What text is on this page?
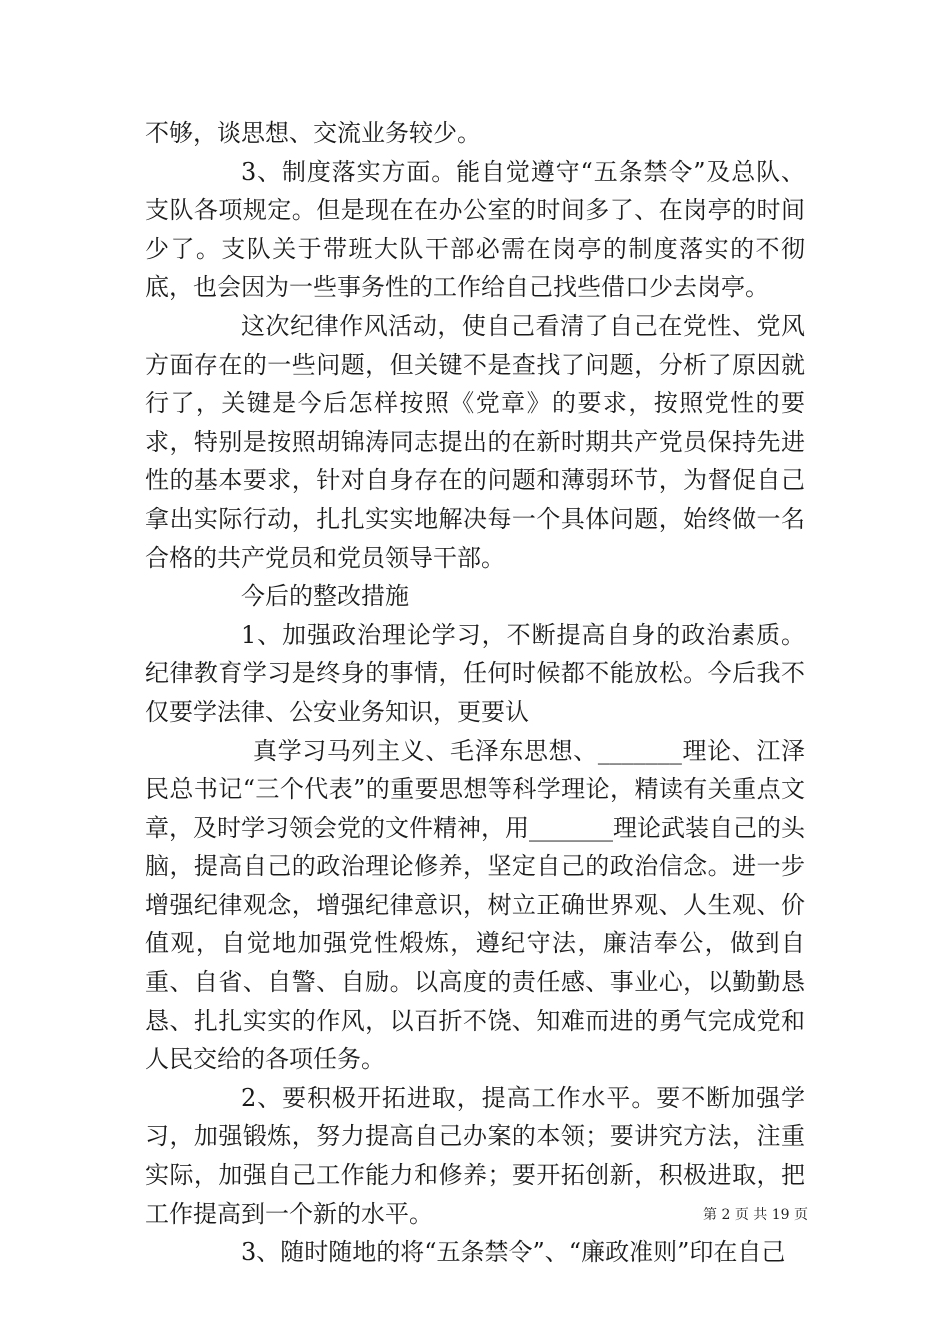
不够，谈思想、交流业务较少。

3、制度落实方面。能自觉遵守“五条禁令”及总队、支队各项规定。但是现在在办公室的时间多了、在岗亭的时间少了。支队关于带班大队干部必需在岗亭的制度落实的不彻底，也会因为一些事务性的工作给自己找些借口少去岗亭。

这次纪律作风活动，使自己看清了自己在党性、党风方面存在的一些问题，但关键不是查找了问题，分析了原因就行了，关键是今后怎样按照《党章》的要求，按照党性的要求，特别是按照胡锦涛同志提出的在新时期共产党员保持先进性的基本要求，针对自身存在的问题和薄弱环节，为督促自己拿出实际行动，扎扎实实地解决每一个具体问题，始终做一名合格的共产党员和党员领导干部。

今后的整改措施

1、加强政治理论学习，不断提高自身的政治素质。纪律教育学习是终身的事情，任何时候都不能放松。今后我不仅要学法律、公安业务知识，更要认

真学习马列主义、毛泽东思想、_______理论、江泽民总书记“三个代表”的重要思想等科学理论，精读有关重点文章，及时学习领会党的文件精神，用_______理论武装自己的头脑，提高自己的政治理论修养，坚定自己的政治信念。进一步增强纪律观念，增强纪律意识，树立正确世界观、人生观、价值观，自觉地加强党性煅炼，遵纪守法，廉洁奉公，做到自重、自省、自警、自励。以高度的责任感、事业心，以勤勤恳恳、扎扎实实的作风，以百折不饶、知难而进的勇气完成党和人民交给的各项任务。

2、要积极开拓进取，提高工作水平。要不断加强学习，加强锻炼，努力提高自己办案的本领；要讲究方法，注重实际，加强自己工作能力和修养；要开拓创新，积极进取，把工作提高到一个新的水平。

3、随时随地的将“五条禁令”、“廉政准则”印在自己

第 2 页 共 19 页
